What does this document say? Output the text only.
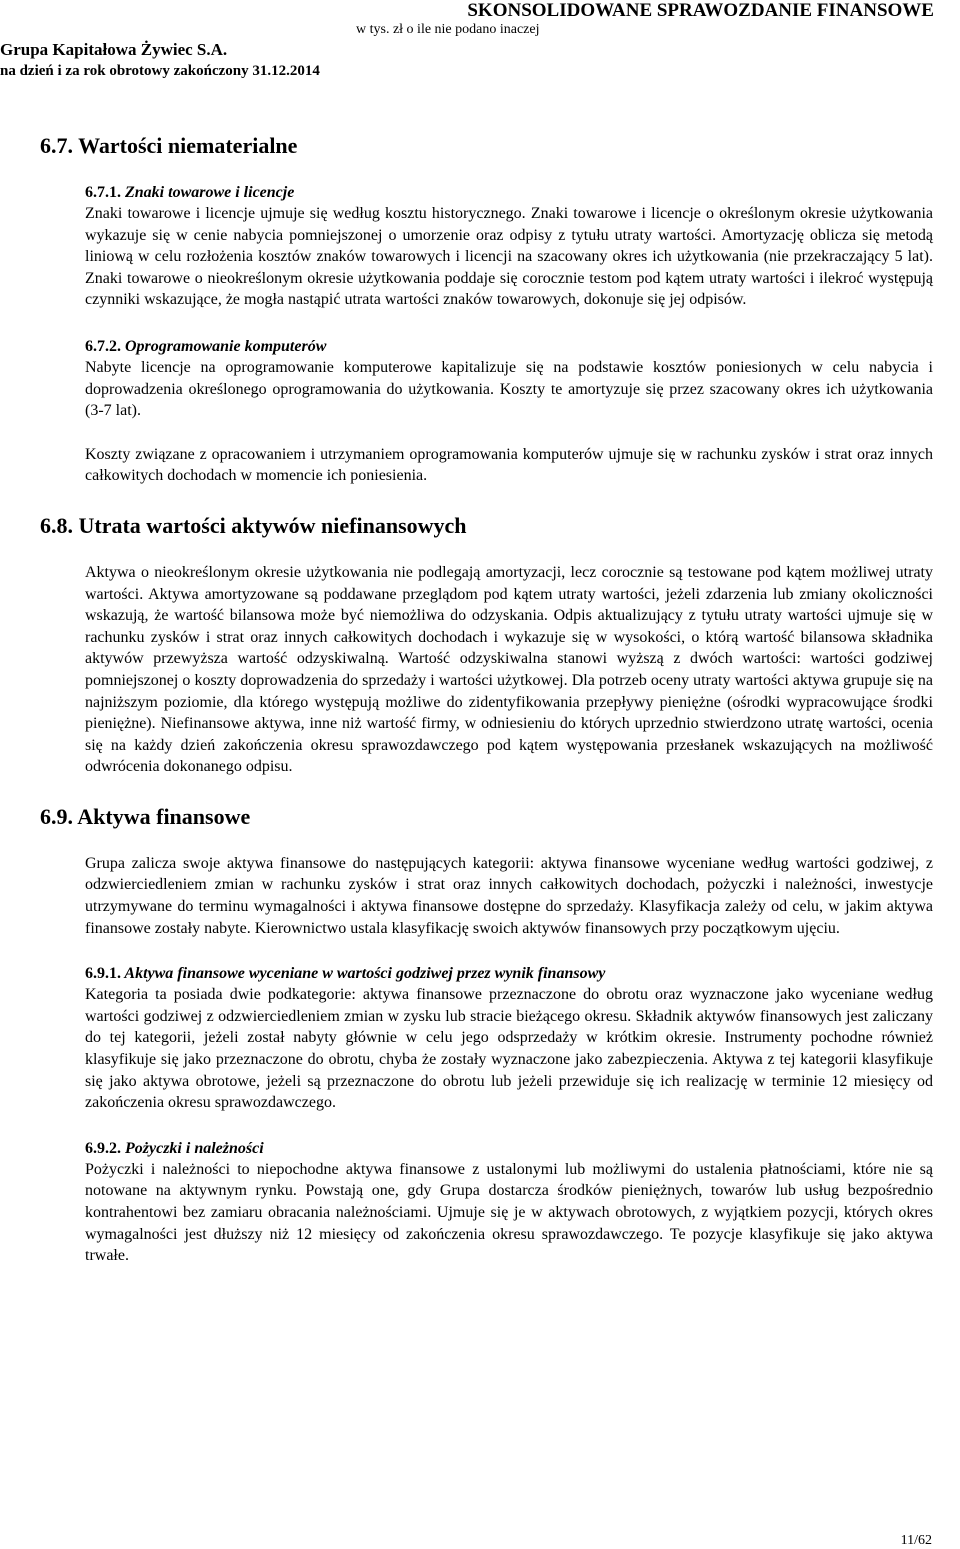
SKONSOLIDOWANE SPRAWOZDANIE FINANSOWE
w tys. zł o ile nie podano inaczej
Grupa Kapitałowa Żywiec S.A.
na dzień i za rok obrotowy zakończony 31.12.2014
6.7. Wartości niematerialne
6.7.1. Znaki towarowe i licencje

Znaki towarowe i licencje ujmuje się według kosztu historycznego. Znaki towarowe i licencje o określonym okresie użytkowania wykazuje się w cenie nabycia pomniejszonej o umorzenie oraz odpisy z tytułu utraty wartości. Amortyzację oblicza się metodą liniową w celu rozłożenia kosztów znaków towarowych i licencji na szacowany okres ich użytkowania (nie przekraczający 5 lat). Znaki towarowe o nieokreślonym okresie użytkowania poddaje się corocznie testom pod kątem utraty wartości i ilekroć występują czynniki wskazujące, że mogła nastąpić utrata wartości znaków towarowych, dokonuje się jej odpisów.

6.7.2. Oprogramowanie komputerów

Nabyte licencje na oprogramowanie komputerowe kapitalizuje się na podstawie kosztów poniesionych w celu nabycia i doprowadzenia określonego oprogramowania do użytkowania. Koszty te amortyzuje się przez szacowany okres ich użytkowania (3-7 lat).

Koszty związane z opracowaniem i utrzymaniem oprogramowania komputerów ujmuje się w rachunku zysków i strat oraz innych całkowitych dochodach w momencie ich poniesienia.

6.8. Utrata wartości aktywów niefinansowych

Aktywa o nieokreślonym okresie użytkowania nie podlegają amortyzacji, lecz corocznie są testowane pod kątem możliwej utraty wartości. Aktywa amortyzowane są poddawane przeglądom pod kątem utraty wartości, jeżeli zdarzenia lub zmiany okoliczności wskazują, że wartość bilansowa może być niemożliwa do odzyskania. Odpis aktualizujący z tytułu utraty wartości ujmuje się w rachunku zysków i strat oraz innych całkowitych dochodach i wykazuje się w wysokości, o którą wartość bilansowa składnika aktywów przewyższa wartość odzyskiwalną. Wartość odzyskiwalna stanowi wyższą z dwóch wartości: wartości godziwej pomniejszonej o koszty doprowadzenia do sprzedaży i wartości użytkowej. Dla potrzeb oceny utraty wartości aktywa grupuje się na najniższym poziomie, dla którego występują możliwe do zidentyfikowania przepływy pieniężne (ośrodki wypracowujące środki pieniężne). Niefinansowe aktywa, inne niż wartość firmy, w odniesieniu do których uprzednio stwierdzono utratę wartości, ocenia się na każdy dzień zakończenia okresu sprawozdawczego pod kątem występowania przesłanek wskazujących na możliwość odwrócenia dokonanego odpisu.

6.9. Aktywa finansowe

Grupa zalicza swoje aktywa finansowe do następujących kategorii: aktywa finansowe wyceniane według wartości godziwej, z odzwierciedleniem zmian w rachunku zysków i strat oraz innych całkowitych dochodach, pożyczki i należności, inwestycje utrzymywane do terminu wymagalności i aktywa finansowe dostępne do sprzedaży. Klasyfikacja zależy od celu, w jakim aktywa finansowe zostały nabyte. Kierownictwo ustala klasyfikację swoich aktywów finansowych przy początkowym ujęciu.

6.9.1. Aktywa finansowe wyceniane w wartości godziwej przez wynik finansowy

Kategoria ta posiada dwie podkategorie: aktywa finansowe przeznaczone do obrotu oraz wyznaczone jako wyceniane według wartości godziwej z odzwierciedleniem zmian w zysku lub stracie bieżącego okresu. Składnik aktywów finansowych jest zaliczany do tej kategorii, jeżeli został nabyty głównie w celu jego odsprzedaży w krótkim okresie. Instrumenty pochodne również klasyfikuje się jako przeznaczone do obrotu, chyba że zostały wyznaczone jako zabezpieczenia. Aktywa z tej kategorii klasyfikuje się jako aktywa obrotowe, jeżeli są przeznaczone do obrotu lub jeżeli przewiduje się ich realizację w terminie 12 miesięcy od zakończenia okresu sprawozdawczego.

6.9.2. Pożyczki i należności

Pożyczki i należności to niepochodne aktywa finansowe z ustalonymi lub możliwymi do ustalenia płatnościami, które nie są notowane na aktywnym rynku. Powstają one, gdy Grupa dostarcza środków pieniężnych, towarów lub usług bezpośrednio kontrahentowi bez zamiaru obracania należnościami. Ujmuje się je w aktywach obrotowych, z wyjątkiem pozycji, których okres wymagalności jest dłuższy niż 12 miesięcy od zakończenia okresu sprawozdawczego. Te pozycje klasyfikuje się jako aktywa trwałe.

11/62
